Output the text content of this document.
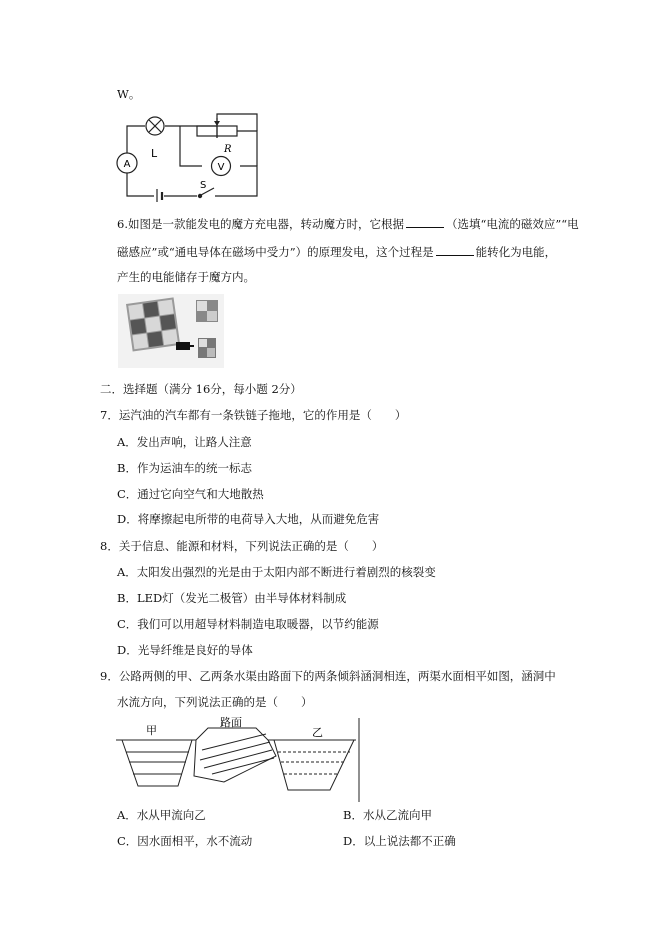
W。
A
L	R
V
S
6.如图是一款能发电的魔方充电器，转动魔方时，它根据	（选填“电流的磁效应”“电
磁感应”或“通电导体在磁场中受力”）的原理发电，这个过程是	能转化为电能，
产生的电能储存于魔方内。
二．选择题（满分 16分，每小题 2分）
7．运汽油的汽车都有一条铁链子拖地，它的作用是（　　）
A．发出声响，让路人注意
B．作为运油车的统一标志
C．通过它向空气和大地散热
D．将摩擦起电所带的电荷导入大地，从而避免危害
8．关于信息、能源和材料，下列说法正确的是（　　）
A．太阳发出强烈的光是由于太阳内部不断进行着剧烈的核裂变
B．LED灯（发光二极管）由半导体材料制成
C．我们可以用超导材料制造电取暖器，以节约能源
D．光导纤维是良好的导体
9．公路两侧的甲、乙两条水渠由路面下的两条倾斜涵洞相连，两渠水面相平如图，涵洞中
水流方向，下列说法正确的是（　　）
甲
路面
乙
A．水从甲流向乙	B．水从乙流向甲
C．因水面相平，水不流动	D．以上说法都不正确
